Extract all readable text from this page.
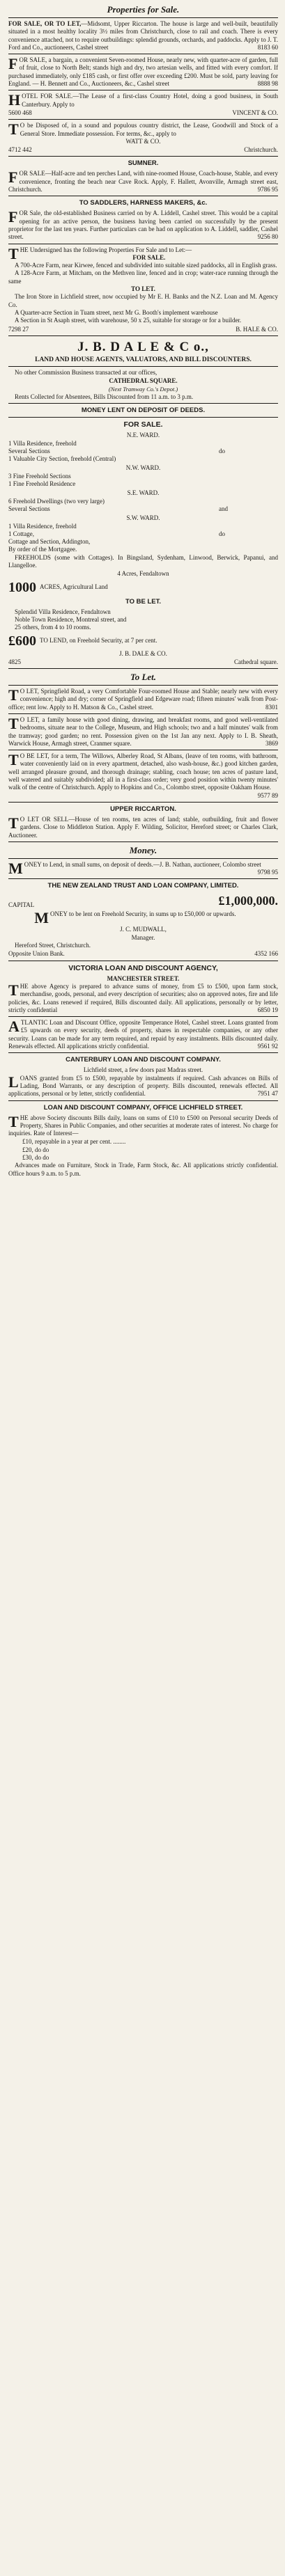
Properties for Sale.

FOR SALE, OR TO LET,—Midsomt, Upper Riccarton. The house is large and well-built, beautifully situated in a most healthy locality 3½ miles from Christchurch, close to rail and coach. There is every convenience attached, not to require outbuildings: splendid grounds, orchards, and paddocks. Apply to J. T. Ford and Co., auctioneers, Cashel street	8183 60

F OR SALE, a bargain, a convenient Seven-roomed House, nearly new, with quarter-acre of garden, full of fruit, close to North Belt; stands high and dry, two artesian wells, and fitted with every comfort. If purchased immediately, only £185 cash, or first offer over exceeding £200. Must be sold, party leaving for England. — H. Bennett and Co., Auctioneers, &c., Cashel street	8888 98
H OTEL FOR SALE.—The Lease of a first-class Country Hotel, doing a good business, in South Canterbury. Apply to
5600 468	VINCENT & CO.
T O be Disposed of, in a sound and populous country district, the Lease, Goodwill and Stock of a General Store. Immediate possession. For terms, &c., apply to
WATT & CO.
4712 442	Christchurch.
SUMNER.
F OR SALE—Half-acre and ten perches Land, with nine-roomed House, Coach-house, Stable, and every convenience, fronting the beach near Cave Rock. Apply, F. Hallett, Avonville, Armagh street east, Christchurch.	9786 95
TO SADDLERS, HARNESS MAKERS, &c.
F OR Sale, the old-established Business carried on by A. Liddell, Cashel street. This would be a capital opening for an active person, the business having been carried on successfully by the present proprietor for the last ten years. Further particulars can be had on application to A. Liddell, saddler, Cashel street.	9256 80
T HE Undersigned has the following Properties For Sale and to Let:—
FOR SALE.

A 700-Acre Farm, near Kirwee, fenced and subdivided into suitable sized paddocks, all in English grass.

A 128-Acre Farm, at Mitcham, on the Methven line, fenced and in crop; water-race running through the same

TO LET.

The Iron Store in Lichfield street, now occupied by Mr E. H. Banks and the N.Z. Loan and M. Agency Co.

A Quarter-acre Section in Tuam street, next Mr G. Booth's implement warehouse

A Section in St Asaph street, with warehouse, 50 x 25, suitable for storage or for a builder.

7298 27	B. HALE & CO.
J. B. D A L E & C o.,
LAND AND HOUSE AGENTS, VALUATORS, AND BILL DISCOUNTERS.

No other Commission Business transacted at our offices,

CATHEDRAL SQUARE.
(Next Tramway Co.'s Depot.)

Rents Collected for Absentees, Bills Discounted from 11 a.m. to 3 p.m.

MONEY LENT ON DEPOSIT OF DEEDS.
FOR SALE.
N.E. WARD.
1 Villa Residence, freehold
Several Sections	do
1 Valuable City Section, freehold (Central)
N.W. WARD.
3 Fine Freehold Sections
1 Fine Freehold Residence
S.E. WARD.
6 Freehold Dwellings (two very large)
Several Sections	and
S.W. WARD.
1 Villa Residence, freehold
1 Cottage,	do
Cottage and Section, Addington,
By order of the Mortgagee.

FREEHOLDS (some with Cottages). In Bingsland, Sydenham, Linwood, Berwick, Papanui, and Llangelloe.

4 Acres, Fendaltown
1000 ACRES, Agricultural Land
TO BE LET.

Splendid Villa Residence, Fendaltown

Noble Town Residence, Montreal street, and

25 others, from 4 to 10 rooms.

£600 TO LEND, on Freehold Security, at 7 per cent.
J. B. DALE & CO.
4825	Cathedral square.
To Let.
T O LET, Springfield Road, a very Comfortable Four-roomed House and Stable; nearly new with every convenience; high and dry; corner of Springfield and Edgeware road; fifteen minutes' walk from Post-office; rent low. Apply to H. Matson & Co., Cashel street.	8301
T O LET, a family house with good dining, drawing, and breakfast rooms, and good well-ventilated bedrooms, situate near to the College, Museum, and High schools; two and a half minutes' walk from the tramway; good garden; no rent. Possession given on the 1st Jan any next. Apply to I. B. Sheath, Warwick House, Armagh street, Cranmer square.	3869
T O BE LET, for a term, The Willows, Alberley Road, St Albans, (leave of ten rooms, with bathroom, water conveniently laid on in every apartment, detached, also wash-house, &c.) good kitchen garden, well arranged pleasure ground, and thorough drainage; stabling, coach house; ten acres of pasture land, well watered and suitably subdivided; all in a first-class order; very good position within twenty minutes' walk of the centre of Christchurch. Apply to Hopkins and Co., Colombo street, opposite Oakham House.
9577 89
UPPER RICCARTON.
T O LET OR SELL—House of ten rooms, ten acres of land; stable, outbuilding, fruit and flower gardens. Close to Middleton Station. Apply F. Wilding, Solicitor, Hereford street; or Charles Clark, Auctioneer.
Money.
M ONEY to Lend, in small sums, on deposit of deeds.—J. B. Nathan, auctioneer, Colombo street
9798 95
THE NEW ZEALAND TRUST AND LOAN COMPANY, LIMITED.
CAPITAL	£1,000,000.
M ONEY to be lent on Freehold Security, in sums up to £50,000 or upwards.
J. C. MUDWALL,
Manager.

Hereford Street, Christchurch.

Opposite Union Bank.	4352 166
VICTORIA LOAN AND DISCOUNT AGENCY,
MANCHESTER STREET.
T HE above Agency is prepared to advance sums of money, from £5 to £500, upon farm stock, merchandise, goods, personal, and every description of securities; also on approved notes, fire and life policies, &c. Loans renewed if required, Bills discounted daily. All applications, personally or by letter, strictly confidential	6850 19
A TLANTIC Loan and Discount Office, opposite Temperance Hotel, Cashel street. Loans granted from £5 upwards on every security, deeds of property, shares in respectable companies, or any other security. Loans can be made for any term required, and repaid by easy instalments. Bills discounted daily. Renewals effected. All applications strictly confidential.	9561 92
CANTERBURY LOAN AND DISCOUNT COMPANY.
Lichfield street, a few doors past Madras street.
L OANS granted from £5 to £500, repayable by instalments if required. Cash advances on Bills of Lading, Bond Warrants, or any description of property. Bills discounted, renewals effected. All applications, personal or by letter, strictly confidential.	7951 47
LOAN AND DISCOUNT COMPANY, OFFICE LICHFIELD STREET.
T HE above Society discounts Bills daily, loans on sums of £10 to £500 on Personal security Deeds of Property, Shares in Public Companies, and other securities at moderate rates of interest. No charge for inquiries. Rate of Interest—

£10, repayable in a year at per cent. ........

£20, do do

£30, do do

Advances made on Furniture, Stock in Trade, Farm Stock, &c. All applications strictly confidential. Office hours 9 a.m. to 5 p.m.
